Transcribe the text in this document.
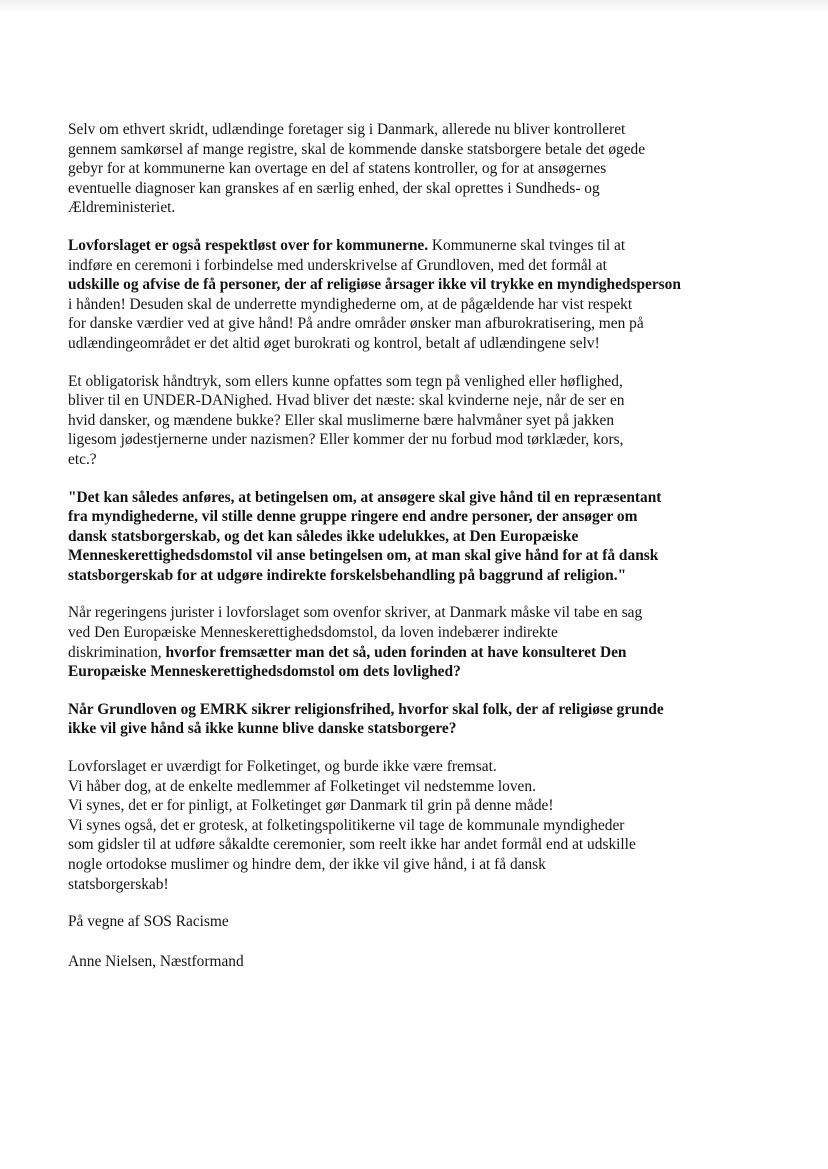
Selv om ethvert skridt, udlændinge foretager sig i Danmark, allerede nu bliver kontrolleret
gennem samkørsel af mange registre, skal de kommende danske statsborgere betale det øgede
gebyr for at kommunerne kan overtage en del af statens kontroller, og for at ansøgernes
eventuelle diagnoser kan granskes af en særlig enhed, der skal oprettes i Sundheds- og
Ældreministeriet.

Lovforslaget er også respektløst over for kommunerne. Kommunerne skal tvinges til at
indføre en ceremoni i forbindelse med underskrivelse af Grundloven, med det formål at
udskille og afvise de få personer, der af religiøse årsager ikke vil trykke en myndighedsperson
i hånden! Desuden skal de underrette myndighederne om, at de pågældende har vist respekt
for danske værdier ved at give hånd! På andre områder ønsker man afburokratisering, men på
udlændingeområdet er det altid øget burokrati og kontrol, betalt af udlændingene selv!

Et obligatorisk håndtryk, som ellers kunne opfattes som tegn på venlighed eller høflighed,
bliver til en UNDER-DANighed. Hvad bliver det næste: skal kvinderne neje, når de ser en
hvid dansker, og mændene bukke? Eller skal muslimerne bære halvmåner syet på jakken
ligesom jødestjernerne under nazismen? Eller kommer der nu forbud mod tørklæder, kors,
etc.?

"Det kan således anføres, at betingelsen om, at ansøgere skal give hånd til en repræsentant
fra myndighederne, vil stille denne gruppe ringere end andre personer, der ansøger om
dansk statsborgerskab, og det kan således ikke udelukkes, at Den Europæiske
Menneskerettighedsdomstol vil anse betingelsen om, at man skal give hånd for at få dansk
statsborgerskab for at udgøre indirekte forskelsbehandling på baggrund af religion."

Når regeringens jurister i lovforslaget som ovenfor skriver, at Danmark måske vil tabe en sag
ved Den Europæiske Menneskerettighedsdomstol, da loven indebærer indirekte
diskrimination, hvorfor fremsætter man det så, uden forinden at have konsulteret Den
Europæiske Menneskerettighedsdomstol om dets lovlighed?

Når Grundloven og EMRK sikrer religionsfrihed, hvorfor skal folk, der af religiøse grunde
ikke vil give hånd så ikke kunne blive danske statsborgere?

Lovforslaget er uværdigt for Folketinget, og burde ikke være fremsat.
Vi håber dog, at de enkelte medlemmer af Folketinget vil nedstemme loven.
Vi synes, det er for pinligt, at Folketinget gør Danmark til grin på denne måde!
Vi synes også, det er grotesk, at folketingspolitikerne vil tage de kommunale myndigheder
som gidsler til at udføre såkaldte ceremonier, som reelt ikke har andet formål end at udskille
nogle ortodokse muslimer og hindre dem, der ikke vil give hånd, i at få dansk
statsborgerskab!

På vegne af SOS Racisme

Anne Nielsen, Næstformand
